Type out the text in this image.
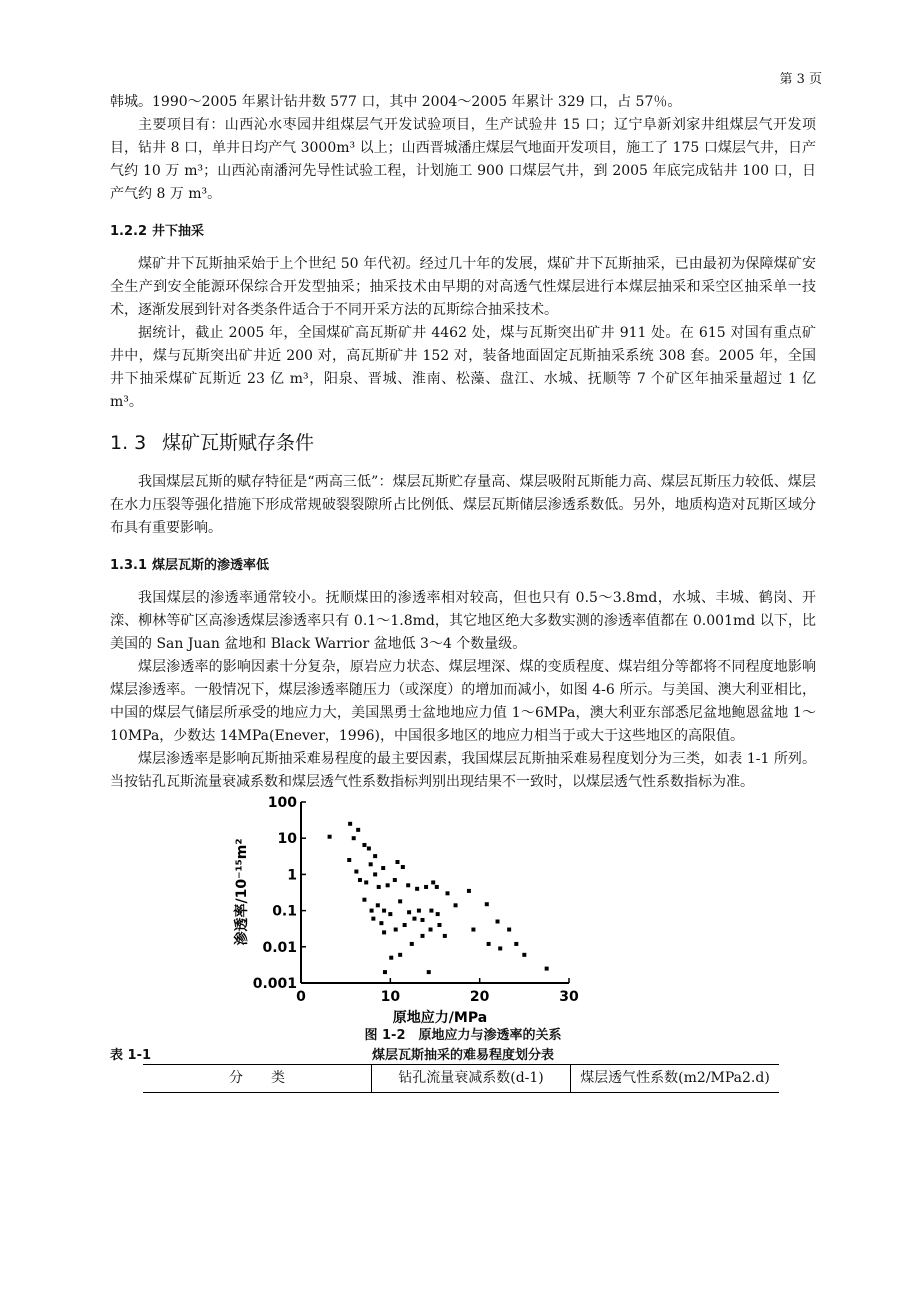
第 3 页

韩城。1990～2005 年累计钻井数 577 口，其中 2004～2005 年累计 329 口，占 57％。

主要项目有：山西沁水枣园井组煤层气开发试验项目，生产试验井 15 口；辽宁阜新刘家井组煤层气开发项目，钻井 8 口，单井日均产气 3000m³ 以上；山西晋城潘庄煤层气地面开发项目，施工了 175 口煤层气井，日产气约 10 万 m³；山西沁南潘河先导性试验工程，计划施工 900 口煤层气井，到 2005 年底完成钻井 100 口，日产气约 8 万 m³。

1.2.2 井下抽采

煤矿井下瓦斯抽采始于上个世纪 50 年代初。经过几十年的发展，煤矿井下瓦斯抽采，已由最初为保障煤矿安全生产到安全能源环保综合开发型抽采；抽采技术由早期的对高透气性煤层进行本煤层抽采和采空区抽采单一技术，逐渐发展到针对各类条件适合于不同开采方法的瓦斯综合抽采技术。

据统计，截止 2005 年，全国煤矿高瓦斯矿井 4462 处，煤与瓦斯突出矿井 911 处。在 615 对国有重点矿井中，煤与瓦斯突出矿井近 200 对，高瓦斯矿井 152 对，装备地面固定瓦斯抽采系统 308 套。2005 年，全国井下抽采煤矿瓦斯近 23 亿 m³，阳泉、晋城、淮南、松藻、盘江、水城、抚顺等 7 个矿区年抽采量超过 1 亿 m³。

1. 3 煤矿瓦斯赋存条件

我国煤层瓦斯的赋存特征是“两高三低”：煤层瓦斯贮存量高、煤层吸附瓦斯能力高、煤层瓦斯压力较低、煤层在水力压裂等强化措施下形成常规破裂裂隙所占比例低、煤层瓦斯储层渗透系数低。另外，地质构造对瓦斯区域分布具有重要影响。

1.3.1 煤层瓦斯的渗透率低

我国煤层的渗透率通常较小。抚顺煤田的渗透率相对较高，但也只有 0.5～3.8md，水城、丰城、鹤岗、开滦、柳林等矿区高渗透煤层渗透率只有 0.1～1.8md，其它地区绝大多数实测的渗透率值都在 0.001md 以下，比美国的 San Juan 盆地和 Black Warrior 盆地低 3～4 个数量级。

煤层渗透率的影响因素十分复杂，原岩应力状态、煤层埋深、煤的变质程度、煤岩组分等都将不同程度地影响煤层渗透率。一般情况下，煤层渗透率随压力（或深度）的增加而减小，如图 4-6 所示。与美国、澳大利亚相比，中国的煤层气储层所承受的地应力大，美国黑勇士盆地地应力值 1～6MPa，澳大利亚东部悉尼盆地鲍恩盆地 1～10MPa，少数达 14MPa(Enever，1996)，中国很多地区的地应力相当于或大于这些地区的高限值。

煤层渗透率是影响瓦斯抽采难易程度的最主要因素，我国煤层瓦斯抽采难易程度划分为三类，如表 1-1 所列。当按钻孔瓦斯流量衰减系数和煤层透气性系数指标判别出现结果不一致时，以煤层透气性系数指标为准。

0	10	20	30
100
10
1
0.1
0.01
0.001
渗透率/10⁻¹⁵m²
原地应力/MPa
图 1-2　原地应力与渗透率的关系
表 1-1	煤层瓦斯抽采的难易程度划分表
分　　类	钻孔流量衰减系数(d-1)	煤层透气性系数(m2/MPa2.d)
